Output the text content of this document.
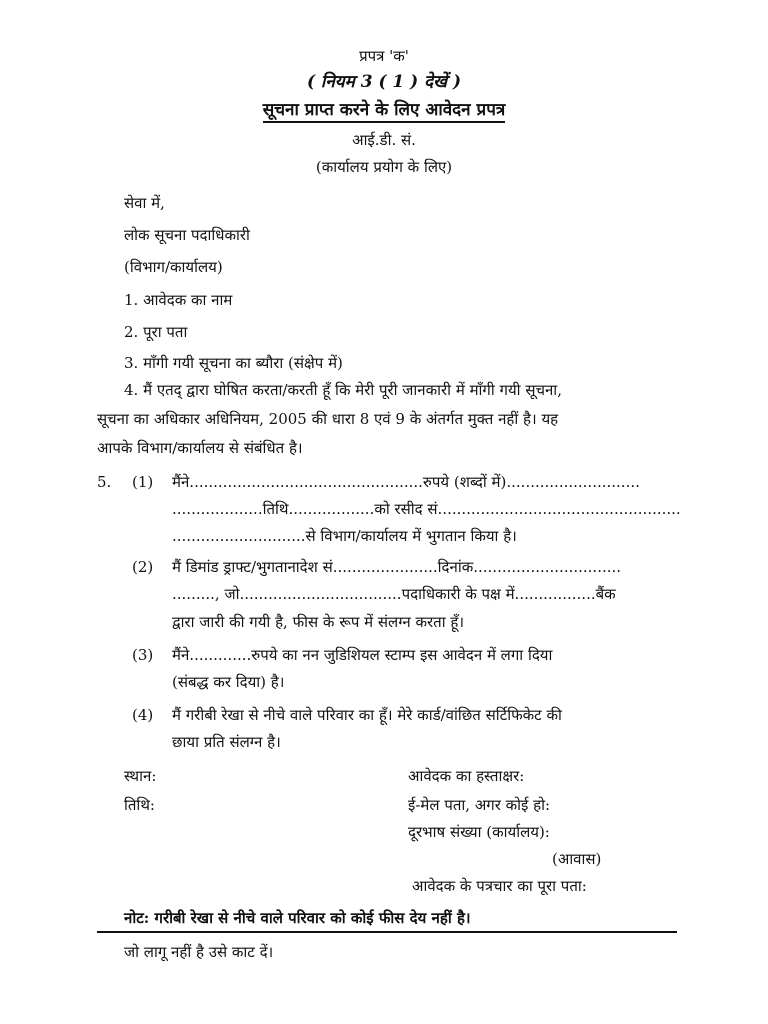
प्रपत्र 'क'
( नियम 3 ( 1 ) देखें )
सूचना प्राप्त करने के लिए आवेदन प्रपत्र
आई.डी. सं.
(कार्यालय प्रयोग के लिए)
सेवा में,
लोक सूचना पदाधिकारी
(विभाग/कार्यालय)
1. आवेदक का नाम
2. पूरा पता
3. माँगी गयी सूचना का ब्यौरा (संक्षेप में)
4. मैं एतद् द्वारा घोषित करता/करती हूँ कि मेरी पूरी जानकारी में माँगी गयी सूचना,
सूचना का अधिकार अधिनियम, 2005 की धारा 8 एवं 9 के अंतर्गत मुक्त नहीं है। यह
आपके विभाग/कार्यालय से संबंधित है।
5. (1) मैंने.................................................रुपये (शब्दों में)............................
...................तिथि..................को रसीद सं...................................................
............................से विभाग/कार्यालय में भुगतान किया है।
(2) मैं डिमांड ड्राफ्ट/भुगतानादेश सं......................दिनांक...............................
........., जो..................................पदाधिकारी के पक्ष में.................बैंक
द्वारा जारी की गयी है, फीस के रूप में संलग्न करता हूँ।
(3) मैंने.............रुपये का नन जुडिशियल स्टाम्प इस आवेदन में लगा दिया
(संबद्ध कर दिया) है।
(4) मैं गरीबी रेखा से नीचे वाले परिवार का हूँ। मेरे कार्ड/वांछित सर्टिफिकेट की
छाया प्रति संलग्न है।
स्थान:
तिथि:
आवेदक का हस्ताक्षर:
ई-मेल पता, अगर कोई हो:
दूरभाष संख्या (कार्यालय):
(आवास)
आवेदक के पत्रचार का पूरा पता:
नोट: गरीबी रेखा से नीचे वाले परिवार को कोई फीस देय नहीं है।
जो लागू नहीं है उसे काट दें।
